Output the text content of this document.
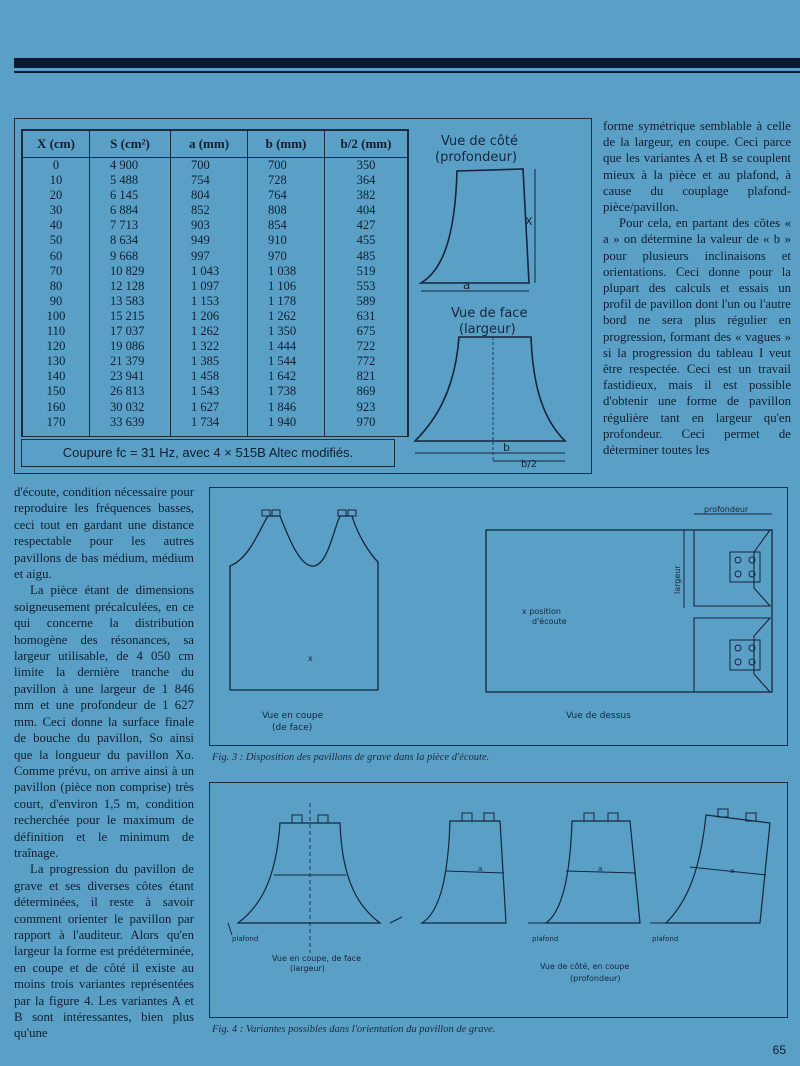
X (cm)	S (cm²)	a (mm)	b (mm)	b/2 (mm)
0	4 900	700	700	350
10	5 488	754	728	364
20	6 145	804	764	382
30	6 884	852	808	404
40	7 713	903	854	427
50	8 634	949	910	455
60	9 668	997	970	485
70	10 829	1 043	1 038	519
80	12 128	1 097	1 106	553
90	13 583	1 153	1 178	589
100	15 215	1 206	1 262	631
110	17 037	1 262	1 350	675
120	19 086	1 322	1 444	722
130	21 379	1 385	1 544	772
140	23 941	1 458	1 642	821
150	26 813	1 543	1 738	869
160	30 032	1 627	1 846	923
170	33 639	1 734	1 940	970
Coupure fc = 31 Hz, avec 4 × 515B Altec modifiés.
Vue de côté
(profondeur)
X
a
Vue de face
(largeur)
b
b/2

forme symétrique semblable à celle de la largeur, en coupe. Ceci parce que les variantes A et B se couplent mieux à la pièce et au plafond, à cause du couplage plafond-pièce/pavillon.

Pour cela, en partant des côtes « a » on détermine la valeur de « b » pour plusieurs inclinaisons et orientations. Ceci donne pour la plupart des calculs et essais un profil de pavillon dont l'un ou l'autre bord ne sera plus régulier en progression, formant des « vagues » si la progression du tableau I veut être respectée. Ceci est un travail fastidieux, mais il est possible d'obtenir une forme de pavillon régulière tant en largeur qu'en profondeur. Ceci permet de déterminer toutes les

d'écoute, condition nécessaire pour reproduire les fréquences basses, ceci tout en gardant une distance respectable pour les autres pavillons de bas médium, médium et aigu.

La pièce étant de dimensions soigneusement précalculées, en ce qui concerne la distribution homogène des résonances, sa largeur utilisable, de 4 050 cm limite la dernière tranche du pavillon à une largeur de 1 846 mm et une profondeur de 1 627 mm. Ceci donne la surface finale de bouche du pavillon, So ainsi que la longueur du pavillon Xo. Comme prévu, on arrive ainsi à un pavillon (pièce non comprise) très court, d'environ 1,5 m, condition recherchée pour le maximum de définition et le minimum de traînage.

La progression du pavillon de grave et ses diverses côtes étant déterminées, il reste à savoir comment orienter le pavillon par rapport à l'auditeur. Alors qu'en largeur la forme est prédéterminée, en coupe et de côté il existe au moins trois variantes représentées par la figure 4. Les variantes A et B sont intéressantes, bien plus qu'une

x
Vue en coupe
(de face)
profondeur
largeur
x position
d'écoute
Vue de dessus
Fig. 3 : Disposition des pavillons de grave dans la pièce d'écoute.
plafond
Vue en coupe, de face
(largeur)
a	a
plafond
a
plafond
Vue de côté, en coupe
(profondeur)
Fig. 4 : Variantes possibles dans l'orientation du pavillon de grave.
65
